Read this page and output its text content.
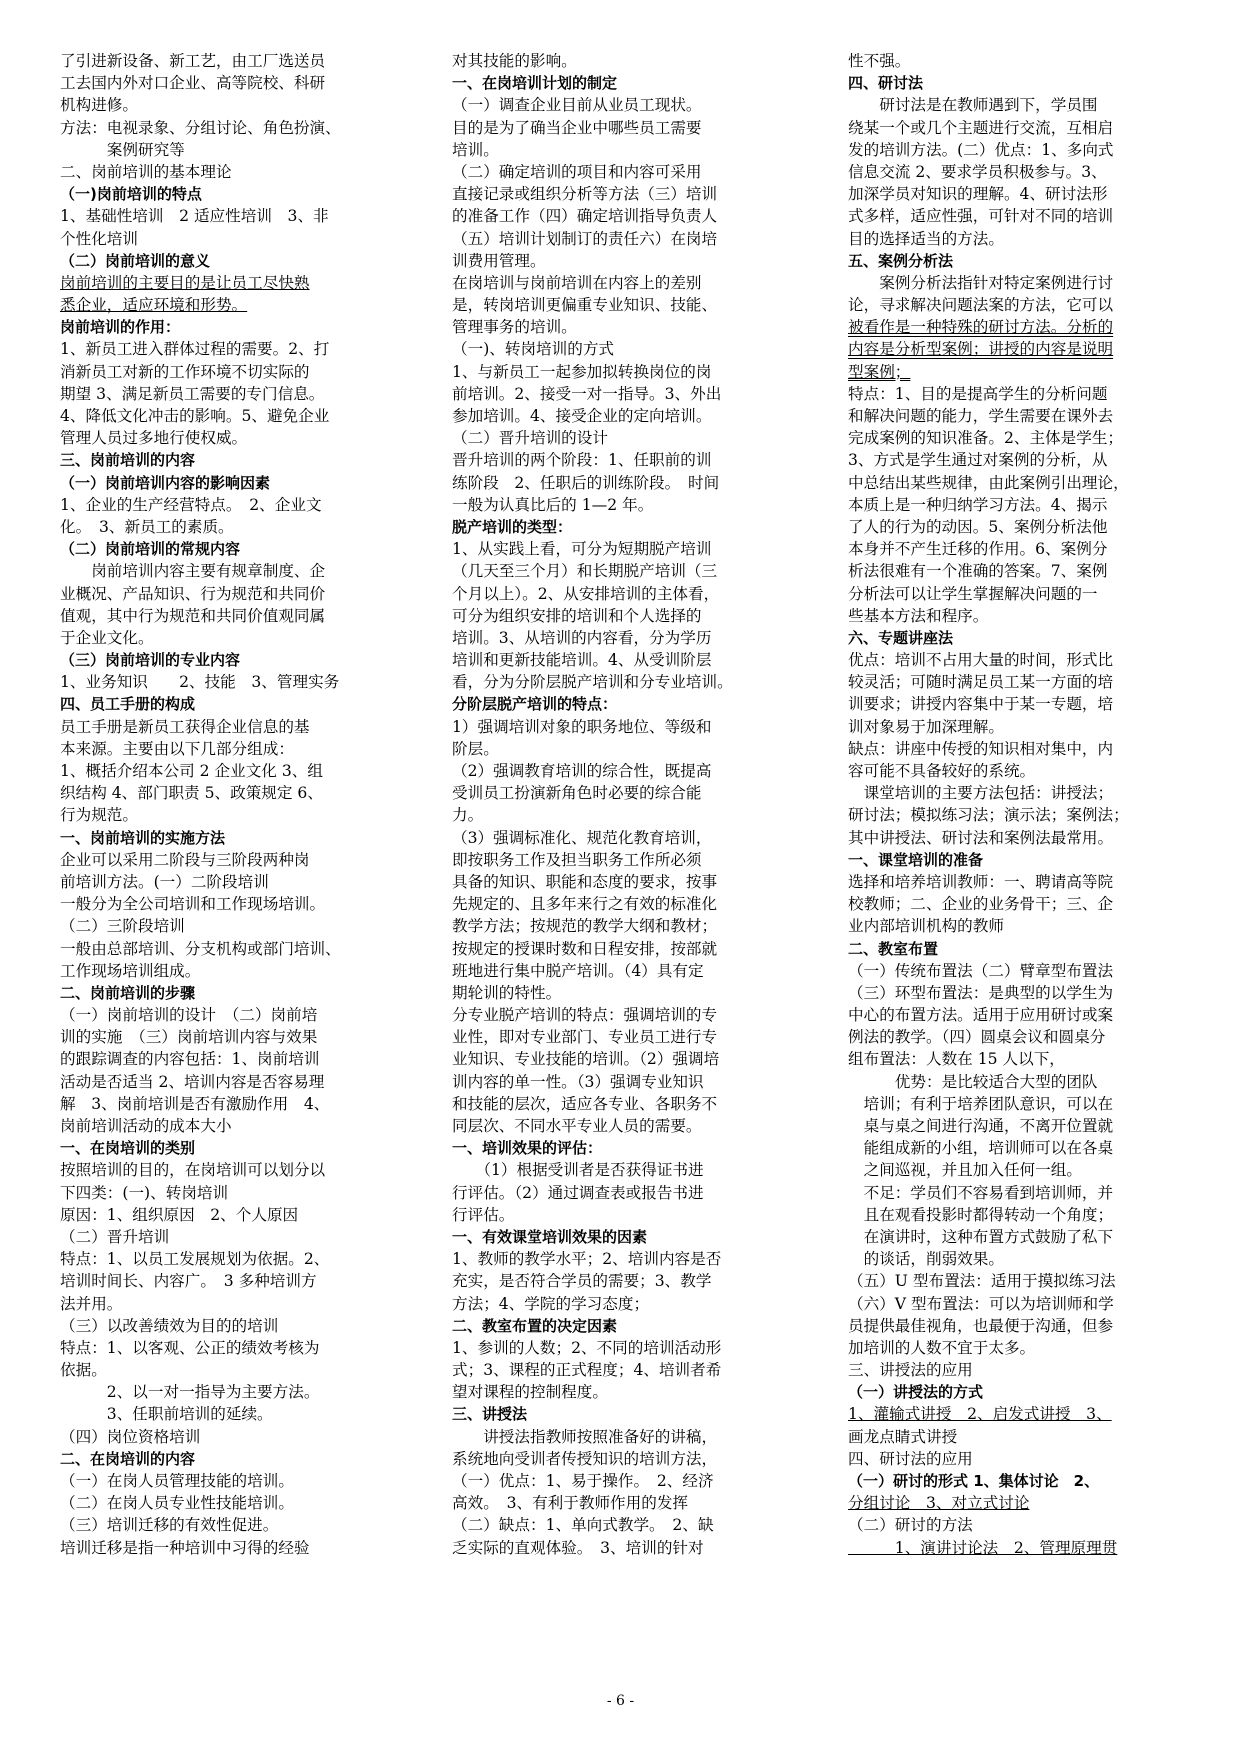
了引进新设备、新工艺，由工厂选送员
工去国内外对口企业、高等院校、科研
机构进修。
方法：电视录象、分组讨论、角色扮演、
　　　案例研究等
二、岗前培训的基本理论
（一)岗前培训的特点
1、基础性培训　2 适应性培训　3、非
个性化培训
（二）岗前培训的意义
岗前培训的主要目的是让员工尽快熟
悉企业，适应环境和形势。
岗前培训的作用：
1、新员工进入群体过程的需要。2、打
消新员工对新的工作环境不切实际的
期望 3、满足新员工需要的专门信息。
4、降低文化冲击的影响。5、避免企业
管理人员过多地行使权威。
三、岗前培训的内容
（一）岗前培训内容的影响因素
1、企业的生产经营特点。　2、企业文
化。　3、新员工的素质。
（二）岗前培训的常规内容
　　岗前培训内容主要有规章制度、企
业概况、产品知识、行为规范和共同价
值观，其中行为规范和共同价值观同属
于企业文化。
（三）岗前培训的专业内容
1、业务知识　　2、技能　3、管理实务
四、员工手册的构成
员工手册是新员工获得企业信息的基
本来源。主要由以下几部分组成：
1、概括介绍本公司 2 企业文化 3、组
织结构 4、部门职责 5、政策规定 6、
行为规范。
一、岗前培训的实施方法
企业可以采用二阶段与三阶段两种岗
前培训方法。(一）二阶段培训
一般分为全公司培训和工作现场培训。
（二）三阶段培训
一般由总部培训、分支机构或部门培训、
工作现场培训组成。
二、岗前培训的步骤
（一）岗前培训的设计　（二）岗前培
训的实施　（三）岗前培训内容与效果
的跟踪调查的内容包括：1、岗前培训
活动是否适当 2、培训内容是否容易理
解　3、岗前培训是否有激励作用　4、
岗前培训活动的成本大小
一、在岗培训的类别
按照培训的目的，在岗培训可以划分以
下四类：(一)、转岗培训
原因：1、组织原因　2、个人原因
（二）晋升培训
特点：1、以员工发展规划为依据。2、
培训时间长、内容广。　3 多种培训方
法并用。
（三）以改善绩效为目的的培训
特点：1、以客观、公正的绩效考核为
依据。
　　　2、以一对一指导为主要方法。
　　　3、任职前培训的延续。
（四）岗位资格培训
二、在岗培训的内容
（一）在岗人员管理技能的培训。
（二）在岗人员专业性技能培训。
（三）培训迁移的有效性促进。
培训迁移是指一种培训中习得的经验
对其技能的影响。
一、在岗培训计划的制定
（一）调查企业目前从业员工现状。
目的是为了确当企业中哪些员工需要
培训。
（二）确定培训的项目和内容可采用
直接记录或组织分析等方法（三）培训
的准备工作（四）确定培训指导负责人
（五）培训计划制订的责任六）在岗培
训费用管理。
在岗培训与岗前培训在内容上的差别
是，转岗培训更偏重专业知识、技能、
管理事务的培训。
（一)、转岗培训的方式
1、与新员工一起参加拟转换岗位的岗
前培训。2、接受一对一指导。3、外出
参加培训。4、接受企业的定向培训。
（二）晋升培训的设计
晋升培训的两个阶段：1、任职前的训
练阶段　2、任职后的训练阶段。　时间
一般为认真比后的 1—2 年。
脱产培训的类型：
1、从实践上看，可分为短期脱产培训
（几天至三个月）和长期脱产培训（三
个月以上）。2、从安排培训的主体看，
可分为组织安排的培训和个人选择的
培训。3、从培训的内容看，分为学历
培训和更新技能培训。4、从受训阶层
看，分为分阶层脱产培训和分专业培训。
分阶层脱产培训的特点：
1）强调培训对象的职务地位、等级和
阶层。
（2）强调教育培训的综合性，既提高
受训员工扮演新角色时必要的综合能
力。
（3）强调标准化、规范化教育培训，
即按职务工作及担当职务工作所必须
具备的知识、职能和态度的要求，按事
先规定的、且多年来行之有效的标准化
教学方法；按规范的教学大纲和教材；
按规定的授课时数和日程安排，按部就
班地进行集中脱产培训。（4）具有定
期轮训的特性。
分专业脱产培训的特点：强调培训的专
业性，即对专业部门、专业员工进行专
业知识、专业技能的培训。（2）强调培
训内容的单一性。（3）强调专业知识
和技能的层次，适应各专业、各职务不
同层次、不同水平专业人员的需要。
一、培训效果的评估：
　　（1）根据受训者是否获得证书进
行评估。（2）通过调查表或报告书进
行评估。
一、有效课堂培训效果的因素
1、教师的教学水平；2、培训内容是否
充实，是否符合学员的需要；3、教学
方法；4、学院的学习态度；
二、教室布置的决定因素
1、参训的人数；2、不同的培训活动形
式；3、课程的正式程度；4、培训者希
望对课程的控制程度。
三、讲授法
　　讲授法指教师按照准备好的讲稿，
系统地向受训者传授知识的培训方法，
（一）优点：1、易于操作。　2、经济
高效。　3、有利于教师作用的发挥
（二）缺点：1、单向式教学。　2、缺
乏实际的直观体验。　3、培训的针对
性不强。
四、研讨法
　　研讨法是在教师遇到下，学员围
绕某一个或几个主题进行交流，互相启
发的培训方法。(二）优点：1、多向式
信息交流 2、要求学员积极参与。3、
加深学员对知识的理解。4、研讨法形
式多样，适应性强，可针对不同的培训
目的选择适当的方法。
五、案例分析法
　　案例分析法指针对特定案例进行讨
论，寻求解决问题法案的方法，它可以
被看作是一种特殊的研讨方法。分析的
内容是分析型案例；讲授的内容是说明
型案例；
特点：1、目的是提高学生的分析问题
和解决问题的能力，学生需要在课外去
完成案例的知识准备。2、主体是学生；
3、方式是学生通过对案例的分析，从
中总结出某些规律，由此案例引出理论，
本质上是一种归纳学习方法。4、揭示
了人的行为的动因。5、案例分析法他
本身并不产生迁移的作用。6、案例分
析法很难有一个准确的答案。7、案例
分析法可以让学生掌握解决问题的一
些基本方法和程序。
六、专题讲座法
优点：培训不占用大量的时间，形式比
较灵活；可随时满足员工某一方面的培
训要求；讲授内容集中于某一专题，培
训对象易于加深理解。
缺点：讲座中传授的知识相对集中，内
容可能不具备较好的系统。
　课堂培训的主要方法包括：讲授法；
研讨法；模拟练习法；演示法；案例法；
其中讲授法、研讨法和案例法最常用。
一、课堂培训的准备
选择和培养培训教师：一、聘请高等院
校教师；二、企业的业务骨干；三、企
业内部培训机构的教师
二、教室布置
（一）传统布置法（二）臂章型布置法
（三）环型布置法：是典型的以学生为
中心的布置方法。适用于应用研讨或案
例法的教学。（四）圆桌会议和圆桌分
组布置法：人数在 15 人以下，
　　　优势：是比较适合大型的团队
　培训；有利于培养团队意识，可以在
　桌与桌之间进行沟通，不离开位置就
　能组成新的小组，培训师可以在各桌
　之间巡视，并且加入任何一组。
　不足：学员们不容易看到培训师，并
　且在观看投影时都得转动一个角度；
　在演讲时，这种布置方式鼓励了私下
　的谈话，削弱效果。
（五）U 型布置法：适用于摸拟练习法
（六）V 型布置法：可以为培训师和学
员提供最佳视角，也最便于沟通，但参
加培训的人数不宜于太多。
三、讲授法的应用
（一）讲授法的方式
1、灌输式讲授　2、启发式讲授　3、
画龙点睛式讲授
四、研讨法的应用
（一）研讨的形式 1、集体讨论　2、
分组讨论　3、对立式讨论
（二）研讨的方法
　　　1、演讲讨论法　2、管理原理贯
- 6 -
